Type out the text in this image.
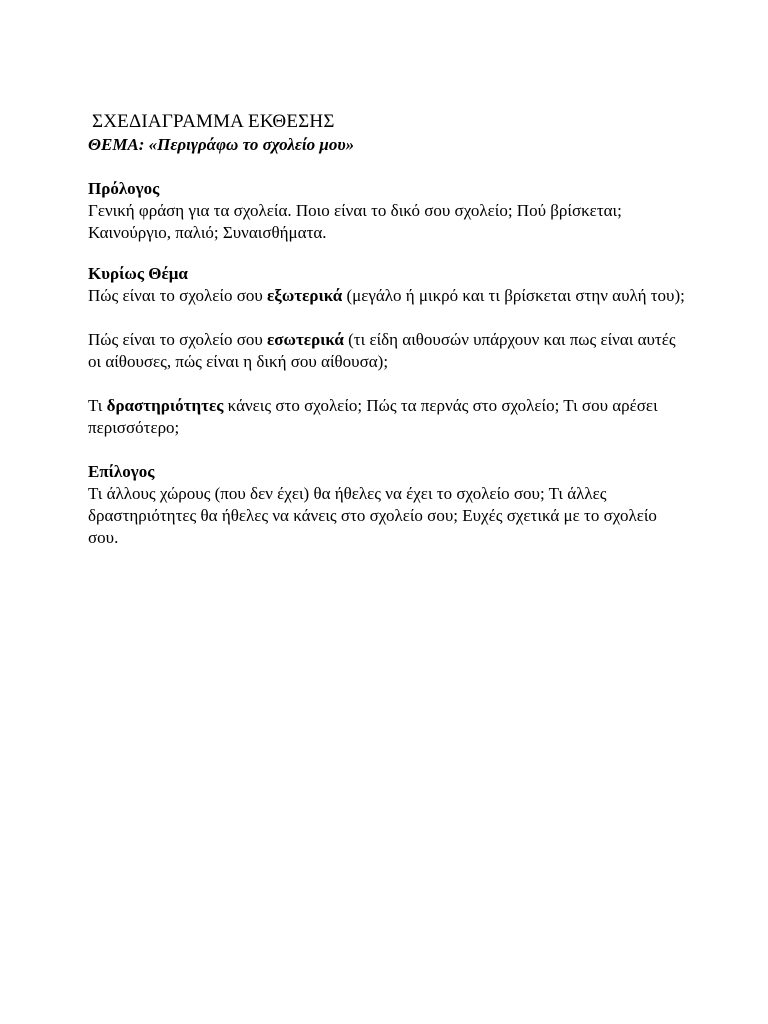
ΣΧΕΔΙΑΓΡΑΜΜΑ ΕΚΘΕΣΗΣ
ΘΕΜΑ: «Περιγράφω το σχολείο μου»
Πρόλογος

Γενική φράση για τα σχολεία. Ποιο είναι το δικό σου σχολείο; Πού βρίσκεται; Καινούργιο, παλιό; Συναισθήματα.

Κυρίως Θέμα

Πώς είναι το σχολείο σου εξωτερικά (μεγάλο ή μικρό και τι βρίσκεται στην αυλή του);

Πώς είναι το σχολείο σου εσωτερικά (τι είδη αιθουσών υπάρχουν και πως είναι αυτές οι αίθουσες, πώς είναι η δική σου αίθουσα);

Τι δραστηριότητες κάνεις στο σχολείο; Πώς τα περνάς στο σχολείο; Τι σου αρέσει περισσότερο;

Επίλογος

Τι άλλους χώρους (που δεν έχει) θα ήθελες να έχει το σχολείο σου; Τι άλλες δραστηριότητες θα ήθελες να κάνεις στο σχολείο σου; Ευχές σχετικά με το σχολείο σου.
